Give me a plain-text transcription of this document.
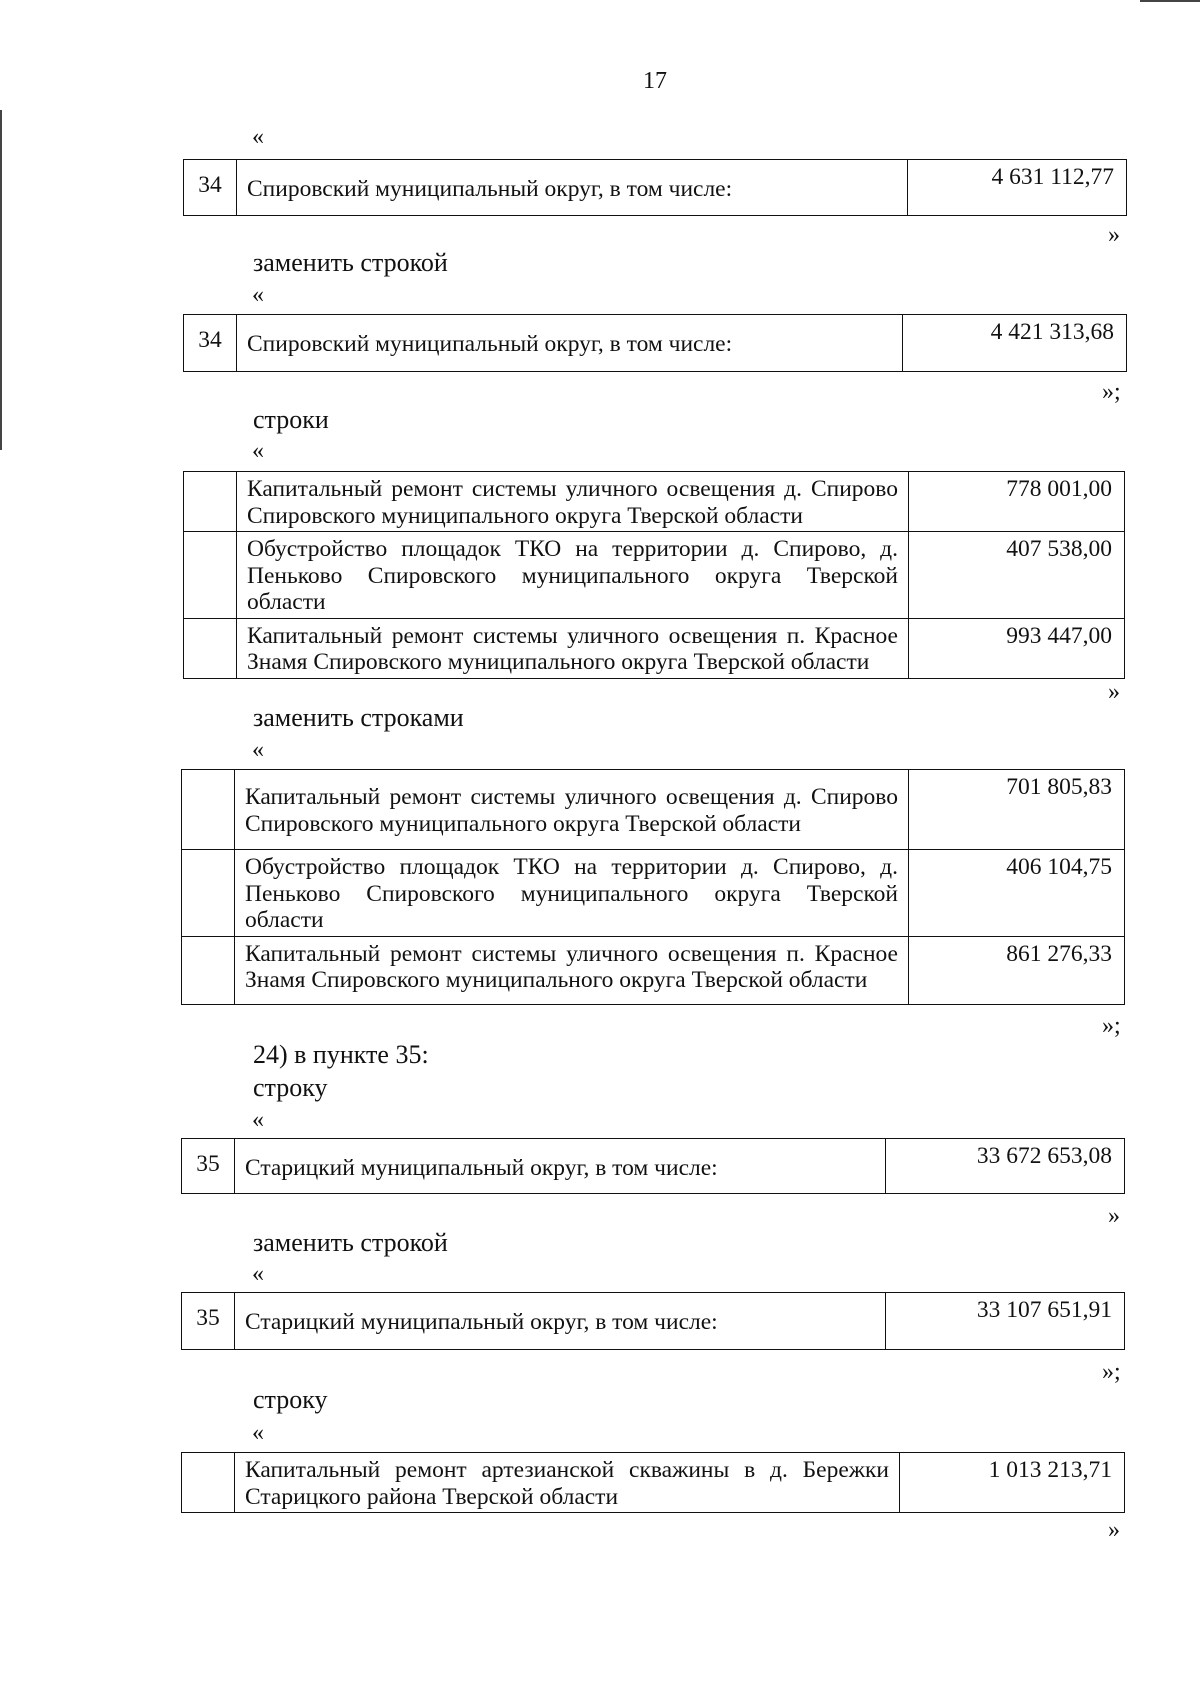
17
«
34	Спировский муниципальный округ, в том числе:	4 631 112,77
»
заменить строкой
«
34	Спировский муниципальный округ, в том числе:	4 421 313,68
»;
строки
«
	Капитальный ремонт системы уличного освещения д. Спирово Спировского муниципального округа Тверской области	778 001,00
	Обустройство площадок ТКО на территории д. Спирово, д. Пеньково Спировского муниципального округа Тверской области	407 538,00
	Капитальный ремонт системы уличного освещения п. Красное Знамя Спировского муниципального округа Тверской области	993 447,00
»
заменить строками
«
	Капитальный ремонт системы уличного освещения д. Спирово Спировского муниципального округа Тверской области	701 805,83
	Обустройство площадок ТКО на территории д. Спирово, д. Пеньково Спировского муниципального округа Тверской области	406 104,75
	Капитальный ремонт системы уличного освещения п. Красное Знамя Спировского муниципального округа Тверской области	861 276,33
»;
24) в пункте 35:
строку
«
35	Старицкий муниципальный округ, в том числе:	33 672 653,08
»
заменить строкой
«
35	Старицкий муниципальный округ, в том числе:	33 107 651,91
»;
строку
«
	Капитальный ремонт артезианской скважины в д. Бережки Старицкого района Тверской области	1 013 213,71
»
